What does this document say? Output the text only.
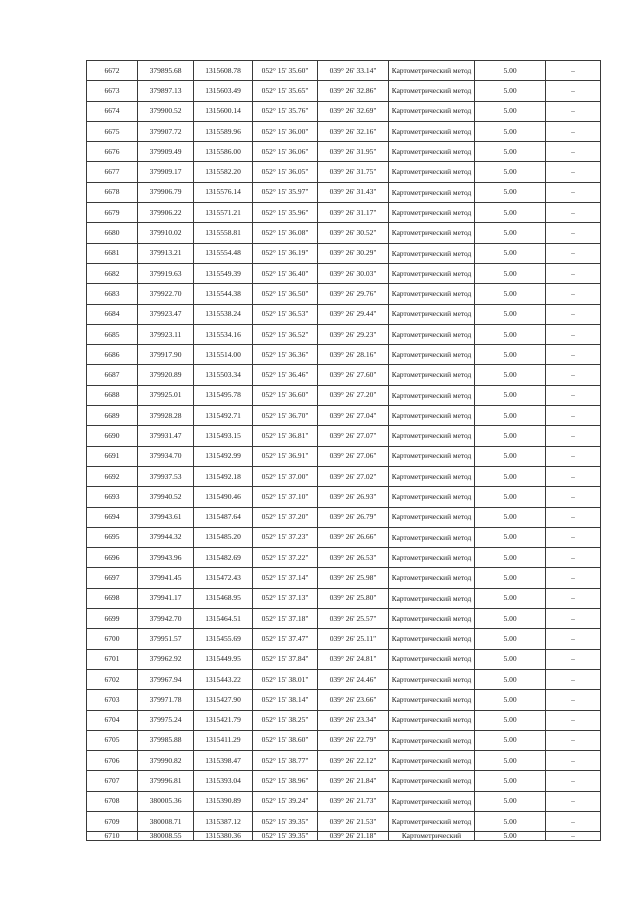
6672	379895.68	1315608.78	052° 15' 35.60"	039° 26' 33.14"	Картометрический метод	5.00	–
6673	379897.13	1315603.49	052° 15' 35.65"	039° 26' 32.86"	Картометрический метод	5.00	–
6674	379900.52	1315600.14	052° 15' 35.76"	039° 26' 32.69"	Картометрический метод	5.00	–
6675	379907.72	1315589.96	052° 15' 36.00"	039° 26' 32.16"	Картометрический метод	5.00	–
6676	379909.49	1315586.00	052° 15' 36.06"	039° 26' 31.95"	Картометрический метод	5.00	–
6677	379909.17	1315582.20	052° 15' 36.05"	039° 26' 31.75"	Картометрический метод	5.00	–
6678	379906.79	1315576.14	052° 15' 35.97"	039° 26' 31.43"	Картометрический метод	5.00	–
6679	379906.22	1315571.21	052° 15' 35.96"	039° 26' 31.17"	Картометрический метод	5.00	–
6680	379910.02	1315558.81	052° 15' 36.08"	039° 26' 30.52"	Картометрический метод	5.00	–
6681	379913.21	1315554.48	052° 15' 36.19"	039° 26' 30.29"	Картометрический метод	5.00	–
6682	379919.63	1315549.39	052° 15' 36.40"	039° 26' 30.03"	Картометрический метод	5.00	–
6683	379922.70	1315544.38	052° 15' 36.50"	039° 26' 29.76"	Картометрический метод	5.00	–
6684	379923.47	1315538.24	052° 15' 36.53"	039° 26' 29.44"	Картометрический метод	5.00	–
6685	379923.11	1315534.16	052° 15' 36.52"	039° 26' 29.23"	Картометрический метод	5.00	–
6686	379917.90	1315514.00	052° 15' 36.36"	039° 26' 28.16"	Картометрический метод	5.00	–
6687	379920.89	1315503.34	052° 15' 36.46"	039° 26' 27.60"	Картометрический метод	5.00	–
6688	379925.01	1315495.78	052° 15' 36.60"	039° 26' 27.20"	Картометрический метод	5.00	–
6689	379928.28	1315492.71	052° 15' 36.70"	039° 26' 27.04"	Картометрический метод	5.00	–
6690	379931.47	1315493.15	052° 15' 36.81"	039° 26' 27.07"	Картометрический метод	5.00	–
6691	379934.70	1315492.99	052° 15' 36.91"	039° 26' 27.06"	Картометрический метод	5.00	–
6692	379937.53	1315492.18	052° 15' 37.00"	039° 26' 27.02"	Картометрический метод	5.00	–
6693	379940.52	1315490.46	052° 15' 37.10"	039° 26' 26.93"	Картометрический метод	5.00	–
6694	379943.61	1315487.64	052° 15' 37.20"	039° 26' 26.79"	Картометрический метод	5.00	–
6695	379944.32	1315485.20	052° 15' 37.23"	039° 26' 26.66"	Картометрический метод	5.00	–
6696	379943.96	1315482.69	052° 15' 37.22"	039° 26' 26.53"	Картометрический метод	5.00	–
6697	379941.45	1315472.43	052° 15' 37.14"	039° 26' 25.98"	Картометрический метод	5.00	–
6698	379941.17	1315468.95	052° 15' 37.13"	039° 26' 25.80"	Картометрический метод	5.00	–
6699	379942.70	1315464.51	052° 15' 37.18"	039° 26' 25.57"	Картометрический метод	5.00	–
6700	379951.57	1315455.69	052° 15' 37.47"	039° 26' 25.11"	Картометрический метод	5.00	–
6701	379962.92	1315449.95	052° 15' 37.84"	039° 26' 24.81"	Картометрический метод	5.00	–
6702	379967.94	1315443.22	052° 15' 38.01"	039° 26' 24.46"	Картометрический метод	5.00	–
6703	379971.78	1315427.90	052° 15' 38.14"	039° 26' 23.66"	Картометрический метод	5.00	–
6704	379975.24	1315421.79	052° 15' 38.25"	039° 26' 23.34"	Картометрический метод	5.00	–
6705	379985.88	1315411.29	052° 15' 38.60"	039° 26' 22.79"	Картометрический метод	5.00	–
6706	379990.82	1315398.47	052° 15' 38.77"	039° 26' 22.12"	Картометрический метод	5.00	–
6707	379996.81	1315393.04	052° 15' 38.96"	039° 26' 21.84"	Картометрический метод	5.00	–
6708	380005.36	1315390.89	052° 15' 39.24"	039° 26' 21.73"	Картометрический метод	5.00	–
6709	380008.71	1315387.12	052° 15' 39.35"	039° 26' 21.53"	Картометрический метод	5.00	–
6710	380008.55	1315380.36	052° 15' 39.35"	039° 26' 21.18"	Картометрический	5.00	–
